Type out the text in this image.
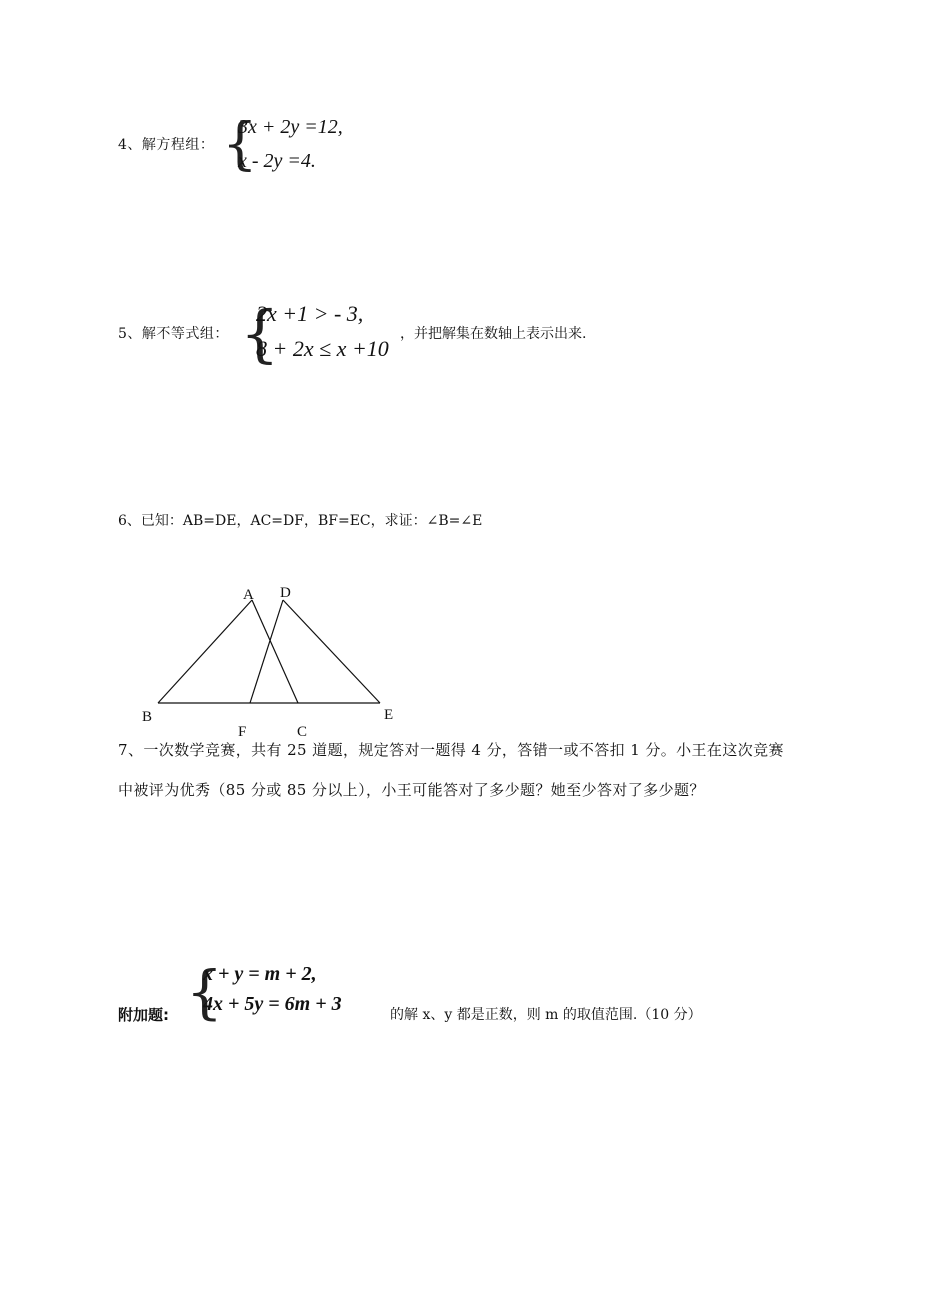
4、解方程组： {
3x + 2y =12,
x - 2y =4.
5、解不等式组： {
2x +1 > - 3,
8 + 2x ≤ x +10
，并把解集在数轴上表示出来.
6、已知：AB=DE，AC=DF，BF=EC，求证：∠B=∠E
A D
B	E
F	C
7、一次数学竞赛，共有 25 道题，规定答对一题得 4 分，答错一或不答扣 1 分。小王在这次竞赛
中被评为优秀（85 分或 85 分以上），小王可能答对了多少题？她至少答对了多少题？
附加题: {
x + y = m + 2,
4x + 5y = 6m + 3	的解 x、y 都是正数，则 m 的取值范围.（10 分）
